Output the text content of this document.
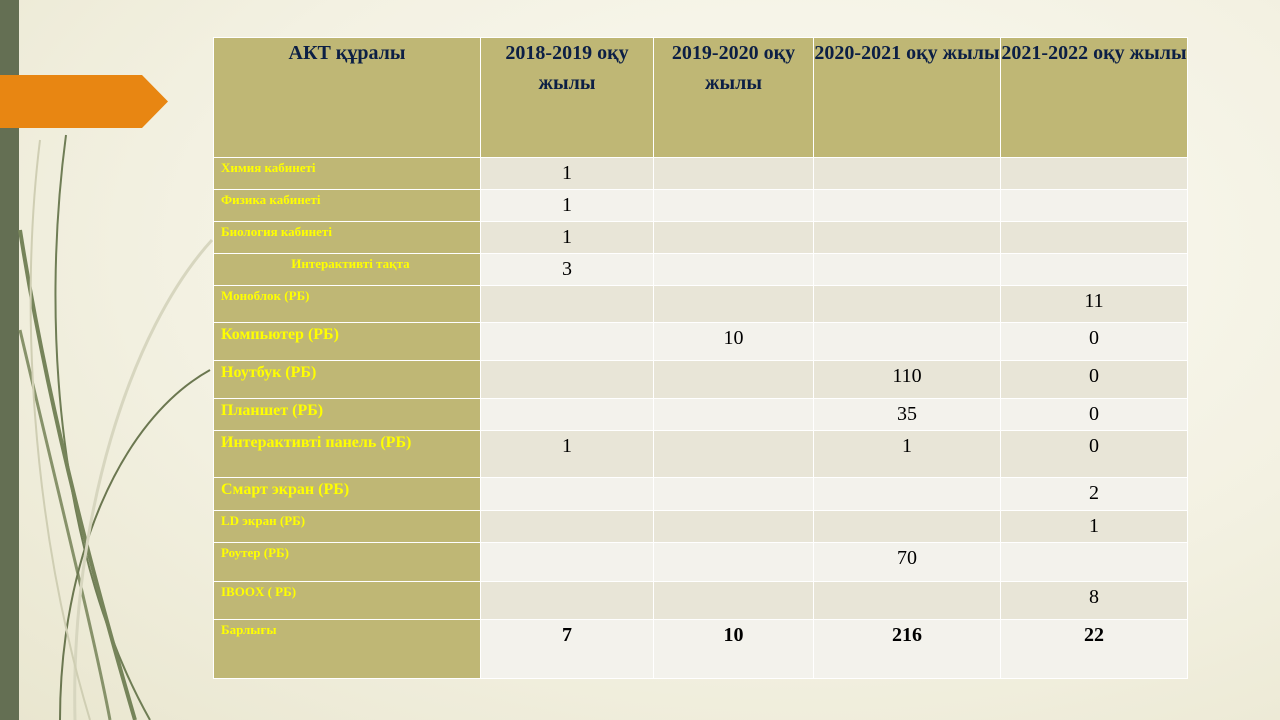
АКТ құралы	2018-2019 оқу жылы	2019-2020 оқу жылы	2020-2021 оқу жылы	2021-2022 оқу жылы
Химия кабинеті	1			
Физика кабинеті	1			
Биология кабинеті	1			
Интерактивті тақта	3			
Моноблок (РБ)				11
Компьютер (РБ)		10		0
Ноутбук (РБ)			110	0
Планшет (РБ)			35	0
Интерактивті панель (РБ)	1		1	0
Смарт экран (РБ)				2
LD экран (РБ)				1
Роутер (РБ)			70	
IBOOX ( РБ)				8
Барлығы	7	10	216	22
